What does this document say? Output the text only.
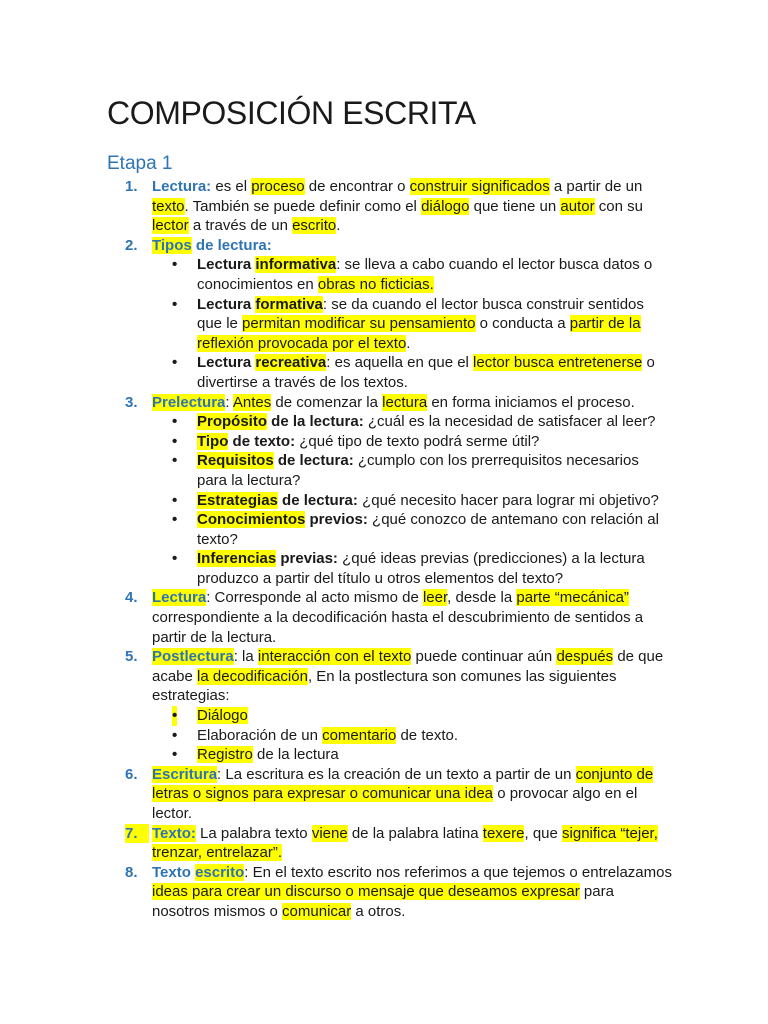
COMPOSICIÓN ESCRITA
Etapa 1
1. Lectura: es el proceso de encontrar o construir significados a partir de un texto. También se puede definir como el diálogo que tiene un autor con su lector a través de un escrito.
2. Tipos de lectura:
• Lectura informativa: se lleva a cabo cuando el lector busca datos o conocimientos en obras no ficticias.
• Lectura formativa: se da cuando el lector busca construir sentidos que le permitan modificar su pensamiento o conducta a partir de la reflexión provocada por el texto.
• Lectura recreativa: es aquella en que el lector busca entretenerse o divertirse a través de los textos.
3. Prelectura: Antes de comenzar la lectura en forma iniciamos el proceso.
• Propósito de la lectura: ¿cuál es la necesidad de satisfacer al leer?
• Tipo de texto: ¿qué tipo de texto podrá serme útil?
• Requisitos de lectura: ¿cumplo con los prerrequisitos necesarios para la lectura?
• Estrategias de lectura: ¿qué necesito hacer para lograr mi objetivo?
• Conocimientos previos: ¿qué conozco de antemano con relación al texto?
• Inferencias previas: ¿qué ideas previas (predicciones) a la lectura produzco a partir del título u otros elementos del texto?
4. Lectura: Corresponde al acto mismo de leer, desde la parte “mecánica” correspondiente a la decodificación hasta el descubrimiento de sentidos a partir de la lectura.
5. Postlectura: la interacción con el texto puede continuar aún después de que acabe la decodificación, En la postlectura son comunes las siguientes estrategias:
• Diálogo
• Elaboración de un comentario de texto.
• Registro de la lectura
6. Escritura: La escritura es la creación de un texto a partir de un conjunto de letras o signos para expresar o comunicar una idea o provocar algo en el lector.
7. Texto: La palabra texto viene de la palabra latina texere, que significa “tejer, trenzar, entrelazar”.
8. Texto escrito: En el texto escrito nos referimos a que tejemos o entrelazamos ideas para crear un discurso o mensaje que deseamos expresar para nosotros mismos o comunicar a otros.
